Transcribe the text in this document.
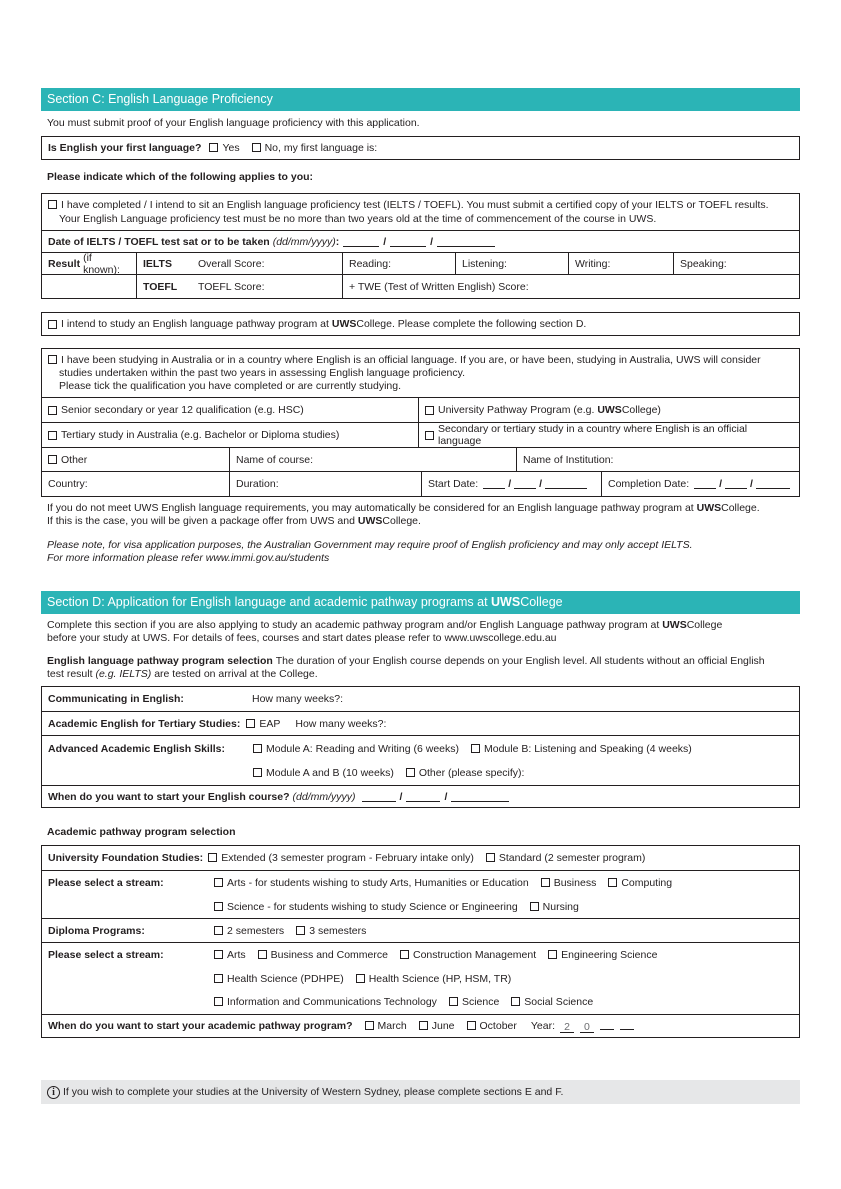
Section C: English Language Proficiency
You must submit proof of your English language proficiency with this application.
Is English your first language?	Yes	No, my first language is:
Please indicate which of the following applies to you:
I have completed / I intend to sit an English language proficiency test (IELTS / TOEFL). You must submit a certified copy of your IELTS or TOEFL results.
Your English Language proficiency test must be no more than two years old at the time of commencement of the course in UWS.
Date of IELTS / TOEFL test sat or to be taken (dd/mm/yyyy) :	/	/
Result (if known):	IELTS	Overall Score:	Reading:	Listening:	Writing:	Speaking:
TOEFL	TOEFL Score:	+ TWE (Test of Written English) Score:
I intend to study an English language pathway program at
UWS College. Please complete the following section D.
I have been studying in Australia or in a country where English is an official language. If you are, or have been, studying in Australia, UWS will consider
studies undertaken within the past two years in assessing English language proficiency.
Please tick the qualification you have completed or are currently studying.
Senior secondary or year 12 qualification (e.g. HSC)	University Pathway Program (e.g.
UWS College)
Tertiary study in Australia (e.g. Bachelor or Diploma studies)	Secondary or tertiary study in a country where English is an official language
Other	Name of course:	Name of Institution:
Country:	Duration:	Start Date:	/	/	Completion Date:	/	/
If you do not meet UWS English language requirements, you may automatically be considered for an English language pathway program at UWSCollege.
If this is the case, you will be given a package offer from UWS and UWSCollege.
Please note, for visa application purposes, the Australian Government may require proof of English proficiency and may only accept IELTS.
For more information please refer www.immi.gov.au/students
Section D: Application for English language and academic pathway programs at UWSCollege
Complete this section if you are also applying to study an academic pathway program and/or English Language pathway program at UWSCollege
before your study at UWS. For details of fees, courses and start dates please refer to www.uwscollege.edu.au
English language pathway program selection The duration of your English course depends on your English level. All students without an official English
test result (e.g. IELTS) are tested on arrival at the College.
Communicating in English:	How many weeks?:
Academic English for Tertiary Studies:	EAP How many weeks?:
Advanced Academic English Skills:	Module A: Reading and Writing (6 weeks)	Module B: Listening and Speaking (4 weeks)
Module A and B (10 weeks)	Other (please specify):
When do you want to start your English course? (dd/mm/yyyy)	/	/
Academic pathway program selection
University Foundation Studies:	Extended (3 semester program - February intake only)	Standard (2 semester program)
Please select a stream:	Arts - for students wishing to study Arts, Humanities or Education	Business	Computing
Science - for students wishing to study Science or Engineering	Nursing
Diploma Programs:	2 semesters	3 semesters
Please select a stream:	Arts	Business and Commerce	Construction Management	Engineering Science
Health Science (PDHPE)	Health Science (HP, HSM, TR)
Information and Communications Technology	Science	Social Science
When do you want to start your academic pathway program?	March	June	October Year: 2 0
i If you wish to complete your studies at the University of Western Sydney, please complete sections E and F.
